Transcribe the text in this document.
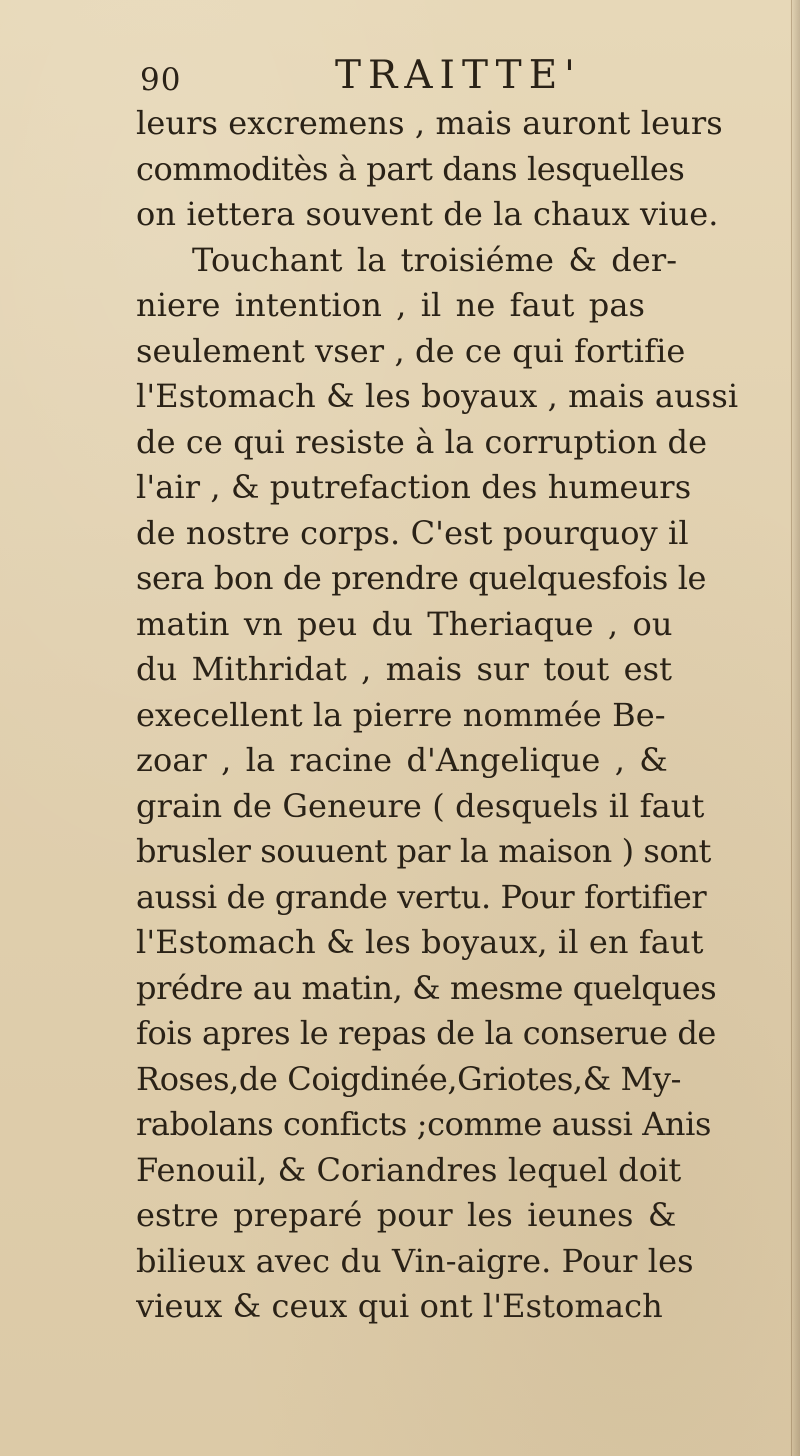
90	TRAITTE'
leurs excremens , mais auront leurs
commoditès à part dans lesquelles
on iettera souvent de la chaux viue.
Touchant la troisiéme & der-
niere intention , il ne faut pas
seulement vser , de ce qui fortifie
l'Estomach & les boyaux , mais aussi
de ce qui resiste à la corruption de
l'air , & putrefaction des humeurs
de nostre corps. C'est pourquoy il
sera bon de prendre quelquesfois le
matin vn peu du Theriaque , ou
du Mithridat , mais sur tout est
execellent la pierre nommée Be-
zoar , la racine d'Angelique , &
grain de Geneure ( desquels il faut
brusler souuent par la maison ) sont
aussi de grande vertu. Pour fortifier
l'Estomach & les boyaux, il en faut
prédre au matin, & mesme quelques
fois apres le repas de la conserue de
Roses,de Coigdinée,Griotes,& My-
rabolans confiсts ;comme aussi Anis
Fenouil, & Coriandres lequel doit
estre preparé pour les ieunes &
bilieux avec du Vin-aigre. Pour les
vieux & ceux qui ont l'Estomach
